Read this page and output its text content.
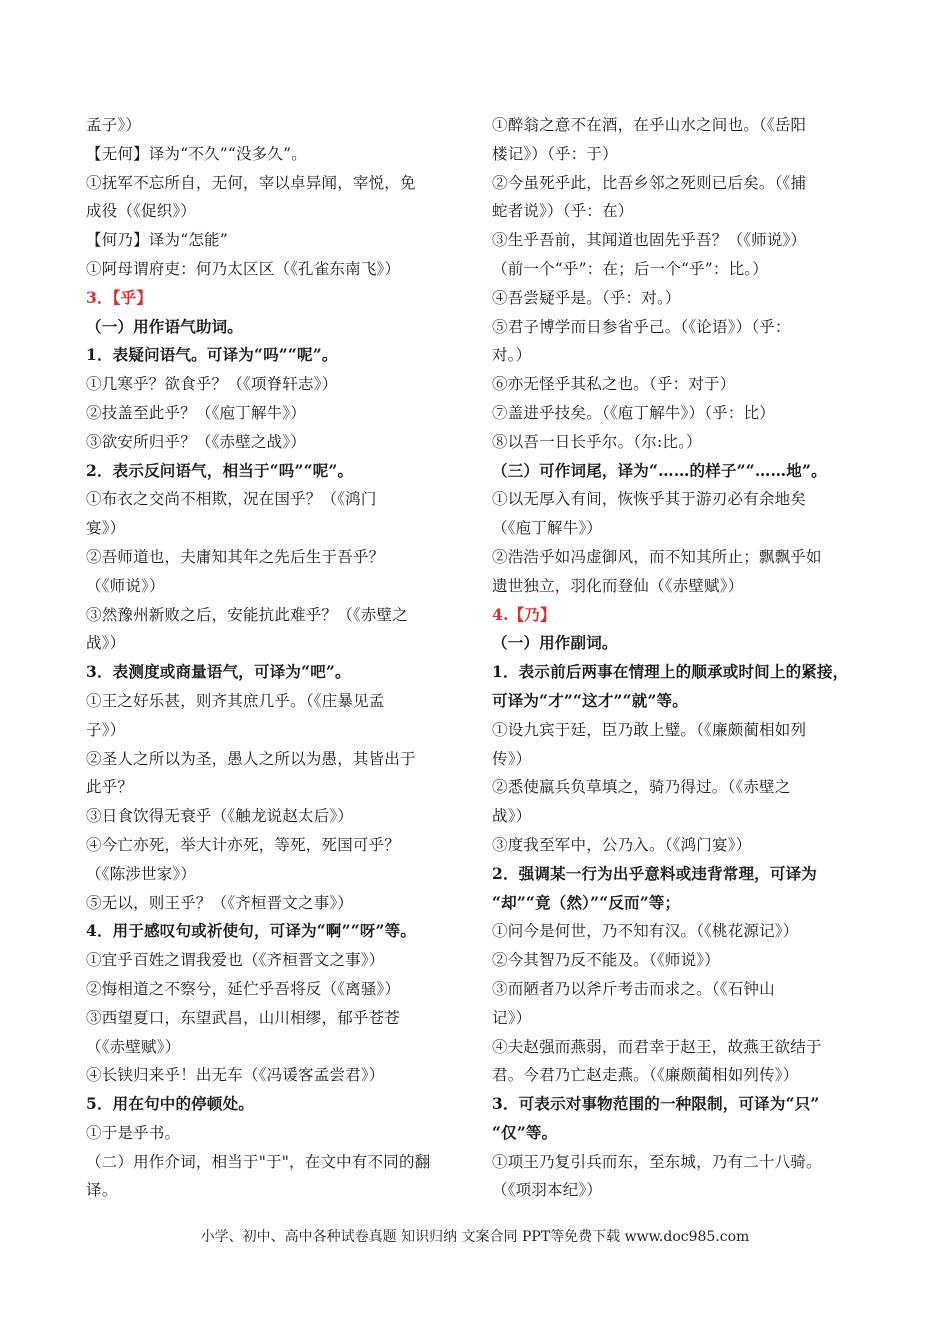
孟子》）
【无何】译为“不久”“没多久”。
①抚军不忘所自，无何，宰以卓异闻，宰悦，免
成役（《促织》）
【何乃】译为“怎能”
①阿母谓府吏：何乃太区区（《孔雀东南飞》）
3．【乎】
（一）用作语气助词。
1．表疑问语气。可译为“吗”“呢”。
①几寒乎？欲食乎？（《项脊轩志》）
②技盖至此乎？（《庖丁解牛》）
③欲安所归乎？（《赤壁之战》）
2．表示反问语气，相当于“吗”“呢”。
①布衣之交尚不相欺，况在国乎？（《鸿门
宴》）
②吾师道也，夫庸知其年之先后生于吾乎？
（《师说》）
③然豫州新败之后，安能抗此难乎？（《赤壁之
战》）
3．表测度或商量语气，可译为“吧”。
①王之好乐甚，则齐其庶几乎。（《庄暴见孟
子》）
②圣人之所以为圣，愚人之所以为愚，其皆出于
此乎？
③日食饮得无衰乎（《触龙说赵太后》）
④今亡亦死，举大计亦死，等死，死国可乎？
（《陈涉世家》）
⑤无以，则王乎？（《齐桓晋文之事》）
4．用于感叹句或祈使句，可译为“啊”“呀”等。
①宜乎百姓之谓我爱也（《齐桓晋文之事》）
②悔相道之不察兮，延伫乎吾将反（《离骚》）
③西望夏口，东望武昌，山川相缪，郁乎苍苍
（《赤壁赋》）
④长铗归来乎！出无车（《冯谖客孟尝君》）
5．用在句中的停顿处。
①于是乎书。
（二）用作介词，相当于"于"，在文中有不同的翻
译。
①醉翁之意不在酒，在乎山水之间也。（《岳阳
楼记》）（乎：于）
②今虽死乎此，比吾乡邻之死则已后矣。（《捕
蛇者说》）（乎：在）
③生乎吾前，其闻道也固先乎吾？（《师说》）
（前一个“乎”：在；后一个“乎”：比。）
④吾尝疑乎是。（乎：对。）
⑤君子博学而日参省乎己。（《论语》）（乎：
对。）
⑥亦无怪乎其私之也。（乎：对于）
⑦盖进乎技矣。（《庖丁解牛》）（乎：比）
⑧以吾一日长乎尔。（尔:比。）
（三）可作词尾，译为“……的样子”“……地”。
①以无厚入有间，恢恢乎其于游刃必有余地矣
（《庖丁解牛》）
②浩浩乎如冯虚御风，而不知其所止；飘飘乎如
遗世独立，羽化而登仙（《赤壁赋》）
4.【乃】
（一）用作副词。
1．表示前后两事在情理上的顺承或时间上的紧接，
可译为“才”“这才”“就”等。
①设九宾于廷，臣乃敢上璧。（《廉颇蔺相如列
传》）
②悉使羸兵负草填之，骑乃得过。（《赤壁之
战》）
③度我至军中，公乃入。（《鸿门宴》）
2．强调某一行为出乎意料或违背常理，可译为
“却”“竟（然）”“反而”等；
①问今是何世，乃不知有汉。（《桃花源记》）
②今其智乃反不能及。（《师说》）
③而陋者乃以斧斤考击而求之。（《石钟山
记》）
④夫赵强而燕弱，而君幸于赵王，故燕王欲结于
君。今君乃亡赵走燕。（《廉颇蔺相如列传》）
3．可表示对事物范围的一种限制，可译为“只”
“仅”等。
①项王乃复引兵而东，至东城，乃有二十八骑。
（《项羽本纪》）
小学、初中、高中各种试卷真题 知识归纳 文案合同 PPT等免费下载 www.doc985.com
